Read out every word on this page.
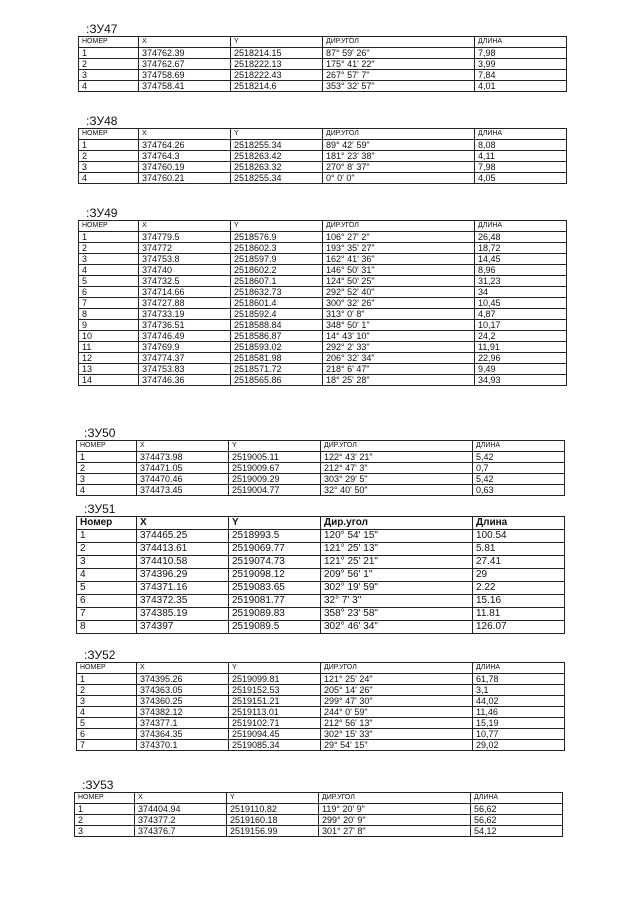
:ЗУ47
НОМЕР	X	Y	ДИР.УГОЛ	ДЛИНА
1	374762.39	2518214.15	87° 59' 26"	7,98
2	374762.67	2518222.13	175° 41' 22"	3,99
3	374758.69	2518222.43	267° 57' 7"	7,84
4	374758.41	2518214.6	353° 32' 57"	4,01
:ЗУ48
НОМЕР	X	Y	ДИР.УГОЛ	ДЛИНА
1	374764.26	2518255.34	89° 42' 59"	8,08
2	374764.3	2518263.42	181° 23' 38"	4,11
3	374760.19	2518263.32	270° 8' 37"	7,98
4	374760.21	2518255.34	0° 0' 0"	4,05
:ЗУ49
НОМЕР	X	Y	ДИР.УГОЛ	ДЛИНА
1	374779.5	2518576.9	106° 27' 2"	26,48
2	374772	2518602.3	193° 35' 27"	18,72
3	374753.8	2518597.9	162° 41' 36"	14,45
4	374740	2518602.2	146° 50' 31"	8,96
5	374732.5	2518607.1	124° 50' 25"	31,23
6	374714.66	2518632.73	292° 52' 40"	34
7	374727.88	2518601.4	300° 32' 26"	10,45
8	374733.19	2518592.4	313° 0' 8"	4,87
9	374736.51	2518588.84	348° 50' 1"	10,17
10	374746.49	2518586.87	14° 43' 10"	24,2
11	374769.9	2518593.02	292° 2' 33"	11,91
12	374774.37	2518581.98	206° 32' 34"	22,96
13	374753.83	2518571.72	218° 6' 47"	9,49
14	374746.36	2518565.86	18° 25' 28"	34,93
:ЗУ50
НОМЕР	X	Y	ДИР.УГОЛ	ДЛИНА
1	374473.98	2519005.11	122° 43' 21"	5,42
2	374471.05	2519009.67	212° 47' 3"	0,7
3	374470.46	2519009.29	303° 29' 5"	5,42
4	374473.45	2519004.77	32° 40' 50"	0,63
:ЗУ51
Номер	X	Y	Дир.угол	Длина
1	374465.25	2518993.5	120° 54' 15"	100.54
2	374413.61	2519069.77	121° 25' 13"	5.81
3	374410.58	2519074.73	121° 25' 21"	27.41
4	374396.29	2519098.12	209° 56' 1"	29
5	374371.16	2519083.65	302° 19' 59"	2.22
6	374372.35	2519081.77	32° 7' 3"	15.16
7	374385.19	2519089.83	358° 23' 58"	11.81
8	374397	2519089.5	302° 46' 34"	126.07
:ЗУ52
НОМЕР	X	Y	ДИР.УГОЛ	ДЛИНА
1	374395.26	2519099.81	121° 25' 24"	61,78
2	374363.05	2519152.53	205° 14' 26"	3,1
3	374360.25	2519151.21	299° 47' 30"	44,02
4	374382.12	2519113.01	244° 0' 59"	11,46
5	374377.1	2519102.71	212° 56' 13"	15,19
6	374364.35	2519094.45	302° 15' 33"	10,77
7	374370.1	2519085.34	29° 54' 15"	29,02
:ЗУ53
НОМЕР	X	Y	ДИР.УГОЛ	ДЛИНА
1	374404.94	2519110.82	119° 20' 9"	56,62
2	374377.2	2519160.18	299° 20' 9"	56,62
3	374376.7	2519156.99	301° 27' 8"	54,12
